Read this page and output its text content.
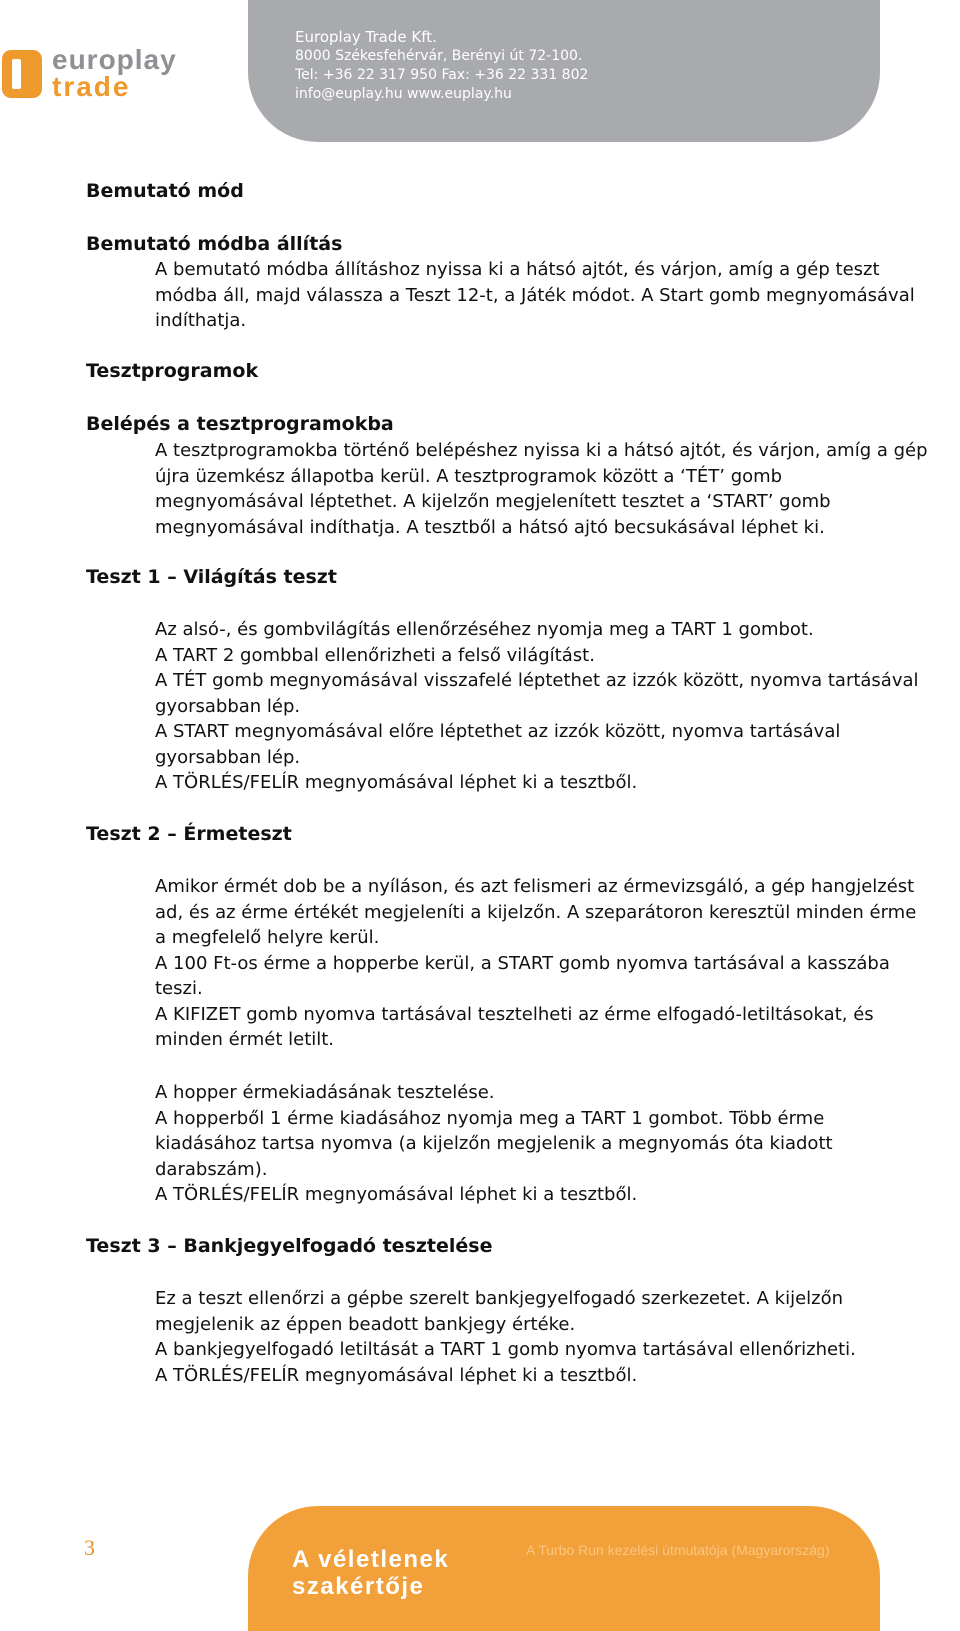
europlay
trade
Europlay Trade Kft.
8000 Székesfehérvár, Berényi út 72-100.
Tel: +36 22 317 950 Fax: +36 22 331 802
info@euplay.hu www.euplay.hu
Bemutató mód
Bemutató módba állítás
A bemutató módba állításhoz nyissa ki a hátsó ajtót, és várjon, amíg a gép teszt
módba áll, majd válassza a Teszt 12-t, a Játék módot. A Start gomb megnyomásával
indíthatja.
Tesztprogramok
Belépés a tesztprogramokba
A tesztprogramokba történő belépéshez nyissa ki a hátsó ajtót, és várjon, amíg a gép
újra üzemkész állapotba kerül. A tesztprogramok között a ‘TÉT’ gomb
megnyomásával léptethet. A kijelzőn megjelenített tesztet a ‘START’ gomb
megnyomásával indíthatja. A tesztből a hátsó ajtó becsukásával léphet ki.
Teszt 1 – Világítás teszt
Az alsó-, és gombvilágítás ellenőrzéséhez nyomja meg a TART 1 gombot.
A TART 2 gombbal ellenőrizheti a felső világítást.
A TÉT gomb megnyomásával visszafelé léptethet az izzók között, nyomva tartásával
gyorsabban lép.
A START megnyomásával előre léptethet az izzók között, nyomva tartásával
gyorsabban lép.
A TÖRLÉS/FELÍR megnyomásával léphet ki a tesztből.
Teszt 2 – Érmeteszt
Amikor érmét dob be a nyíláson, és azt felismeri az érmevizsgáló, a gép hangjelzést
ad, és az érme értékét megjeleníti a kijelzőn. A szeparátoron keresztül minden érme
a megfelelő helyre kerül.
A 100 Ft-os érme a hopperbe kerül, a START gomb nyomva tartásával a kasszába
teszi.
A KIFIZET gomb nyomva tartásával tesztelheti az érme elfogadó-letiltásokat, és
minden érmét letilt.
A hopper érmekiadásának tesztelése.
A hopperből 1 érme kiadásához nyomja meg a TART 1 gombot. Több érme
kiadásához tartsa nyomva (a kijelzőn megjelenik a megnyomás óta kiadott
darabszám).
A TÖRLÉS/FELÍR megnyomásával léphet ki a tesztből.
Teszt 3 – Bankjegyelfogadó tesztelése
Ez a teszt ellenőrzi a gépbe szerelt bankjegyelfogadó szerkezetet. A kijelzőn
megjelenik az éppen beadott bankjegy értéke.
A bankjegyelfogadó letiltását a TART 1 gomb nyomva tartásával ellenőrizheti.
A TÖRLÉS/FELÍR megnyomásával léphet ki a tesztből.
3	A véletlenek
szakértője
A Turbo Run kezelési útmutatója (Magyarország)
